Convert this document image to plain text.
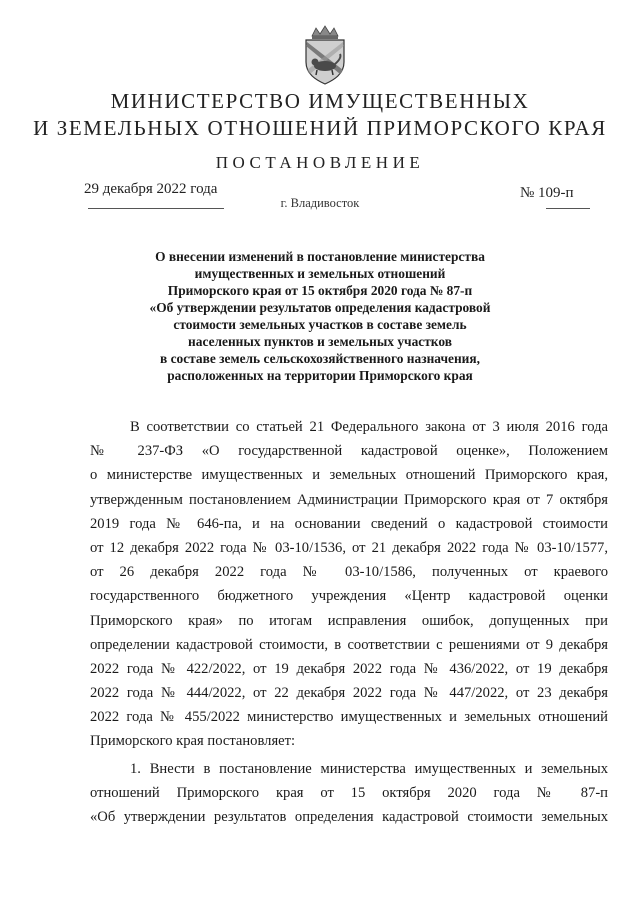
МИНИСТЕРСТВО ИМУЩЕСТВЕННЫХ
И ЗЕМЕЛЬНЫХ ОТНОШЕНИЙ ПРИМОРСКОГО КРАЯ
ПОСТАНОВЛЕНИЕ
29 декабря 2022 года
г. Владивосток
№ 109-п
О внесении изменений в постановление министерства
имущественных и земельных отношений
Приморского края от 15 октября 2020 года № 87-п
«Об утверждении результатов определения кадастровой
стоимости земельных участков в составе земель
населенных пунктов и земельных участков
в составе земель сельскохозяйственного назначения,
расположенных на территории Приморского края
В соответствии со статьей 21 Федерального закона от 3 июля 2016 года
№ 237-ФЗ «О государственной кадастровой оценке», Положением
о министерстве имущественных и земельных отношений Приморского края,
утвержденным постановлением Администрации Приморского края от 7 октября
2019 года № 646-па, и на основании сведений о кадастровой стоимости
от 12 декабря 2022 года № 03-10/1536, от 21 декабря 2022 года № 03-10/1577,
от 26 декабря 2022 года № 03-10/1586, полученных от краевого
государственного бюджетного учреждения «Центр кадастровой оценки
Приморского края» по итогам исправления ошибок, допущенных при
определении кадастровой стоимости, в соответствии с решениями от 9 декабря
2022 года № 422/2022, от 19 декабря 2022 года № 436/2022, от 19 декабря
2022 года № 444/2022, от 22 декабря 2022 года № 447/2022, от 23 декабря
2022 года № 455/2022 министерство имущественных и земельных отношений
Приморского края постановляет:
1. Внести в постановление министерства имущественных и земельных
отношений Приморского края от 15 октября 2020 года № 87-п
«Об утверждении результатов определения кадастровой стоимости земельных
